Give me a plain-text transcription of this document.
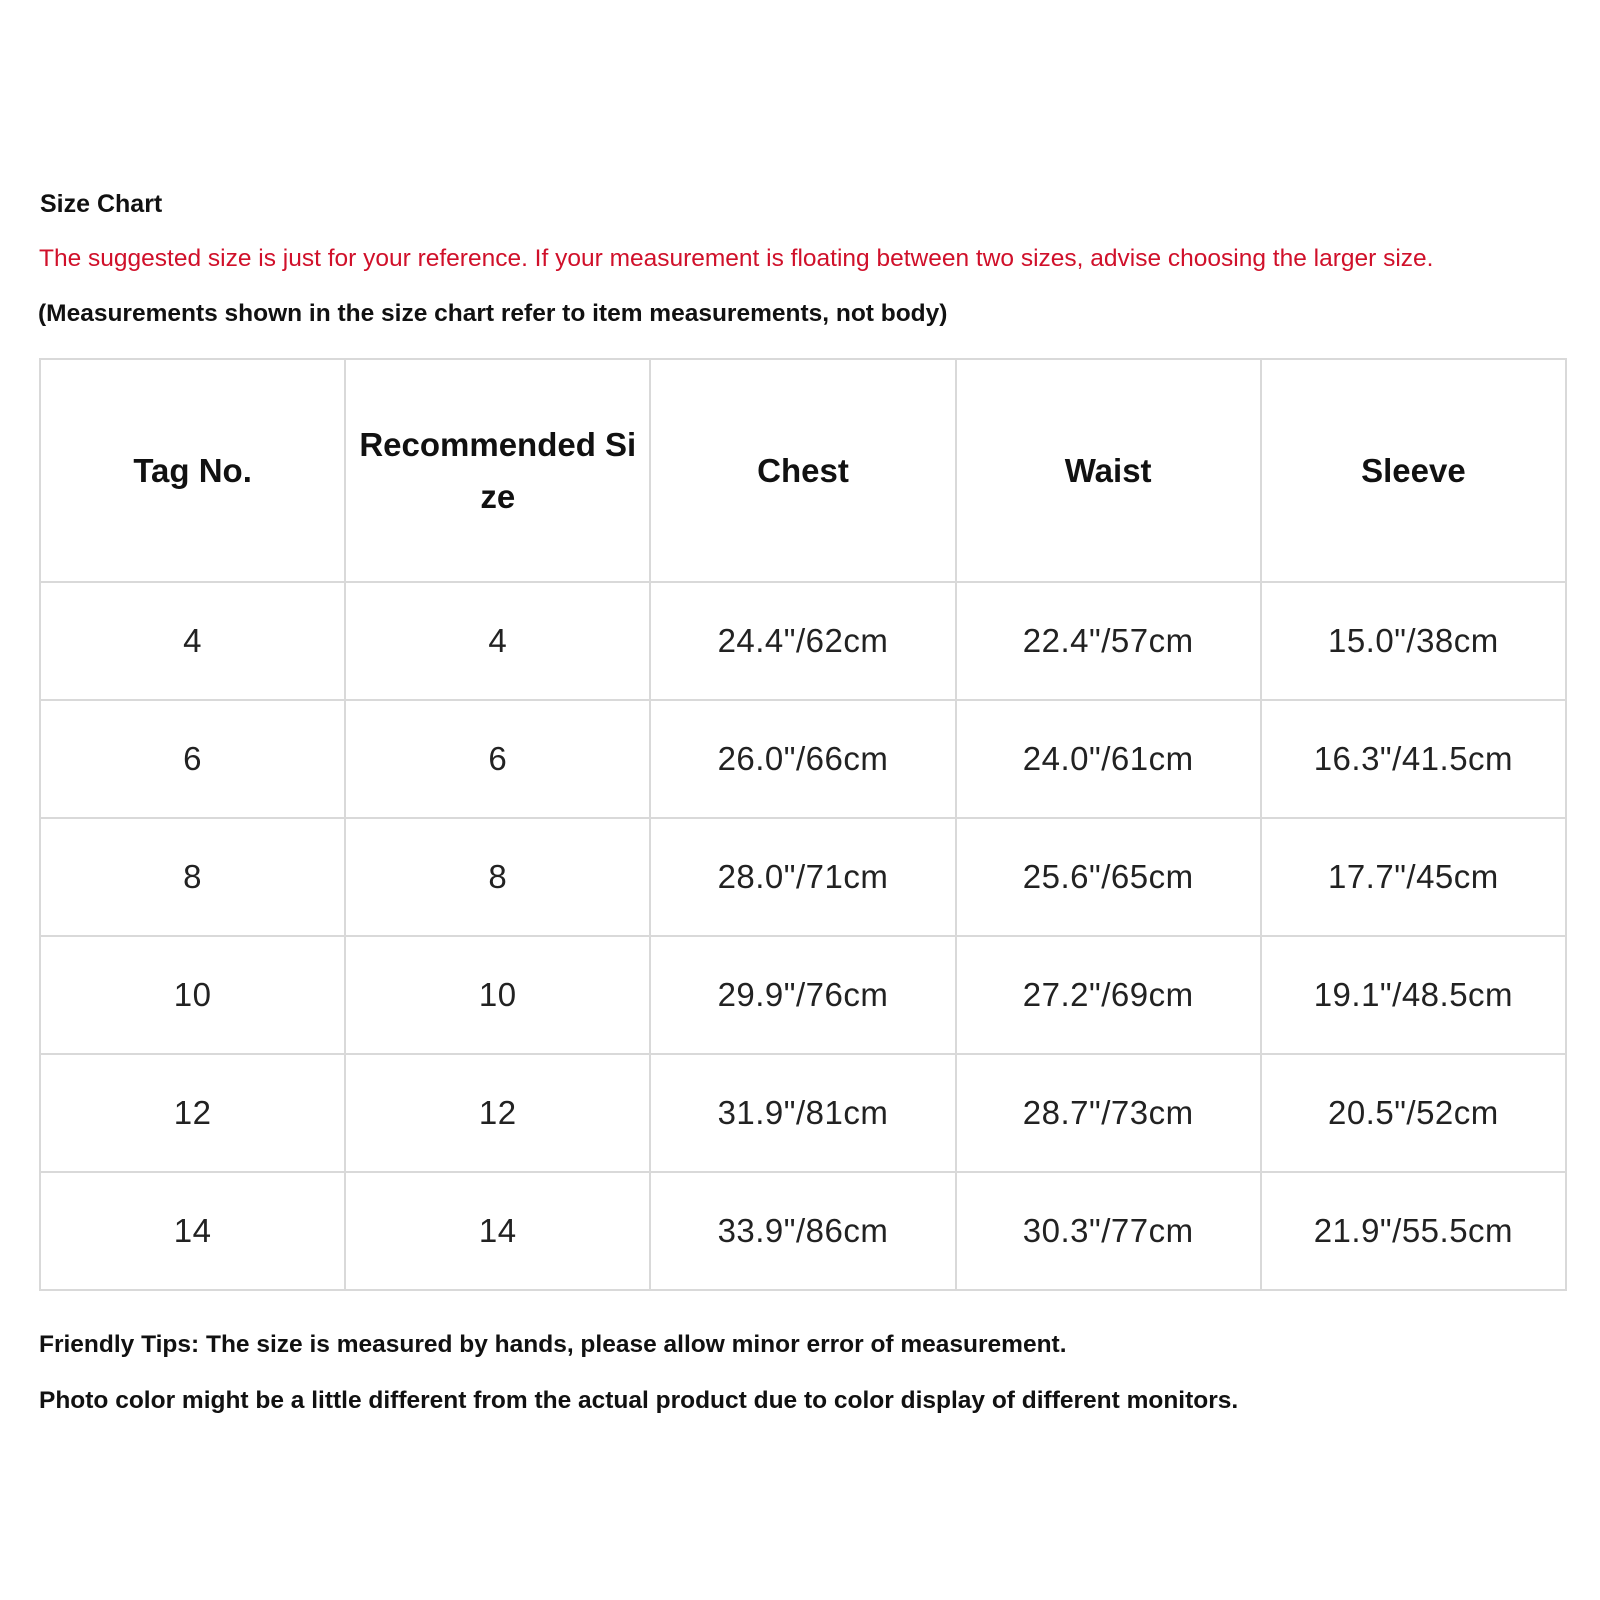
Size Chart
The suggested size is just for your reference. If your measurement is floating between two sizes, advise choosing the larger size.
(Measurements shown in the size chart refer to item measurements, not body)
Tag No.	Recommended Size	Chest	Waist	Sleeve
4	4	24.4"/62cm	22.4"/57cm	15.0"/38cm
6	6	26.0"/66cm	24.0"/61cm	16.3"/41.5cm
8	8	28.0"/71cm	25.6"/65cm	17.7"/45cm
10	10	29.9"/76cm	27.2"/69cm	19.1"/48.5cm
12	12	31.9"/81cm	28.7"/73cm	20.5"/52cm
14	14	33.9"/86cm	30.3"/77cm	21.9"/55.5cm
Friendly Tips: The size is measured by hands, please allow minor error of measurement.
Photo color might be a little different from the actual product due to color display of different monitors.
